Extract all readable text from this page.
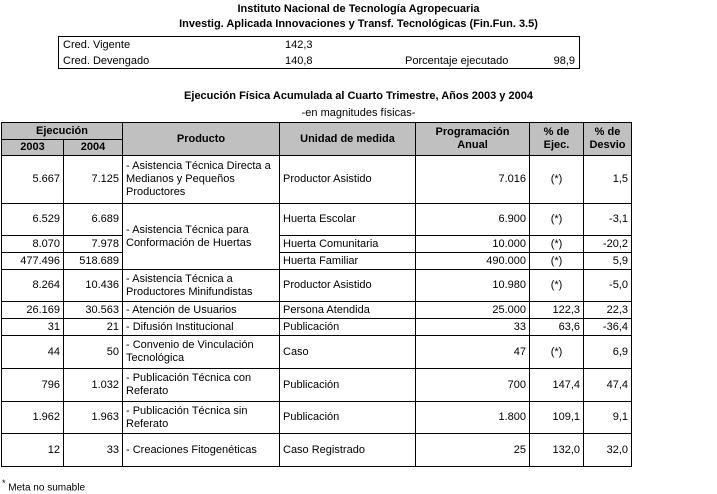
Instituto Nacional de Tecnología Agropecuaria
Investig. Aplicada Innovaciones y Transf. Tecnológicas (Fin.Fun. 3.5)
Cred. Vigente	142,3
Cred. Devengado	140,8	Porcentaje ejecutado	98,9
Ejecución Física Acumulada al Cuarto Trimestre, Años 2003 y 2004
-en magnitudes físicas-
Ejecución		Producto	Unidad de medida	Programación Anual	% de Ejec.	% de Desvio
2003	2004					
5.667	7.125	- Asistencia Técnica Directa a Medianos y Pequeños Productores	Productor Asistido	7.016	(*)	1,5
6.529	6.689	- Asistencia Técnica para Conformación de Huertas	Huerta Escolar	6.900	(*)	-3,1
8.070	7.978		Huerta Comunitaria	10.000	(*)	-20,2
477.496	518.689		Huerta Familiar	490.000	(*)	5,9
8.264	10.436	- Asistencia Técnica a Productores Minifundistas	Productor Asistido	10.980	(*)	-5,0
26.169	30.563	- Atención de Usuarios	Persona Atendida	25.000	122,3	22,3
31	21	- Difusión Institucional	Publicación	33	63,6	-36,4
44	50	- Convenio de Vinculación Tecnológica	Caso	47	(*)	6,9
796	1.032	- Publicación Técnica con Referato	Publicación	700	147,4	47,4
1.962	1.963	- Publicación Técnica sin Referato	Publicación	1.800	109,1	9,1
12	33	- Creaciones Fitogenéticas	Caso Registrado	25	132,0	32,0
* Meta no sumable
